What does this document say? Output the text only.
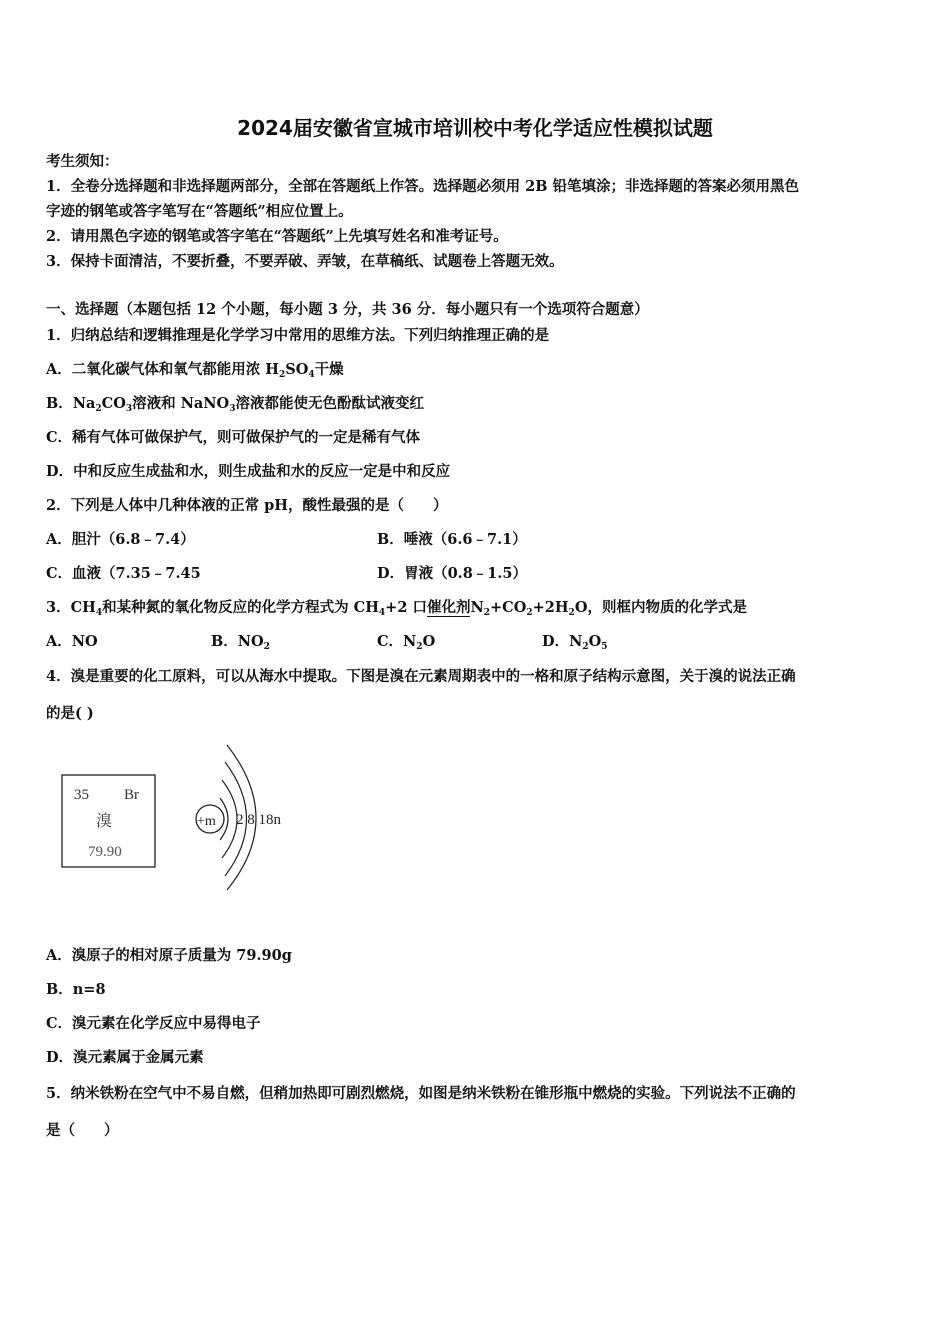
2024届安徽省宣城市培训校中考化学适应性模拟试题
考生须知：
1．全卷分选择题和非选择题两部分，全部在答题纸上作答。选择题必须用 2B 铅笔填涂；非选择题的答案必须用黑色
字迹的钢笔或答字笔写在“答题纸”相应位置上。
2．请用黑色字迹的钢笔或答字笔在“答题纸”上先填写姓名和准考证号。
3．保持卡面清洁，不要折叠，不要弄破、弄皱，在草稿纸、试题卷上答题无效。
一、选择题（本题包括 12 个小题，每小题 3 分，共 36 分．每小题只有一个选项符合题意）
1．归纳总结和逻辑推理是化学学习中常用的思维方法。下列归纳推理正确的是
A．二氧化碳气体和氧气都能用浓 $H_2SO_4$干燥
B．$Na_2CO_3$溶液和 NaNO$_3$溶液都能使无色酚酞试液变红
C．稀有气体可做保护气，则可做保护气的一定是稀有气体
D．中和反应生成盐和水，则生成盐和水的反应一定是中和反应
2．下列是人体中几种体液的正常 pH，酸性最强的是（　　）
A．胆汁（6.8﹣7.4）	B．唾液（6.6﹣7.1）
C．血液（7.35﹣7.45	D．胃液（0.8﹣1.5）
3．$CH_4$和某种氮的氧化物反应的化学方程式为 $CH_4+2$ 口催化剂$N_2+CO_2+2H_2O$，则框内物质的化学式是
A．NO	B．$NO_2$	C．$N_2O$	D．$N_2O_5$
4．溴是重要的化工原料，可以从海水中提取。下图是溴在元素周期表中的一格和原子结构示意图，关于溴的说法正确
的是( )
35 Br
溴
79.90
+m 2 8 18n
A．溴原子的相对原子质量为 79.90g
B．n=8
C．溴元素在化学反应中易得电子
D．溴元素属于金属元素
5．纳米铁粉在空气中不易自燃，但稍加热即可剧烈燃烧，如图是纳米铁粉在锥形瓶中燃烧的实验。下列说法不正确的
是（　　）
